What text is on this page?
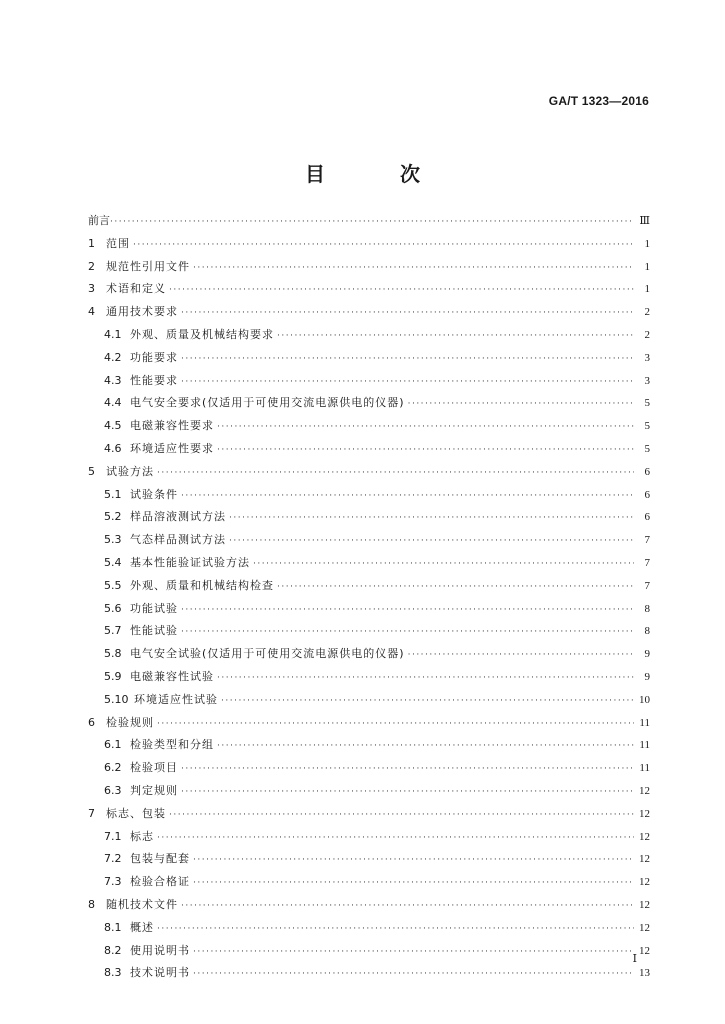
GA/T 1323—2016
目 次
前言 ·····	Ⅲ
1	范围 ·····	1
2	规范性引用文件 ·····	1
3	术语和定义 ·····	1
4	通用技术要求 ·····	2
4.1 外观、质量及机械结构要求 ·····	2
4.2 功能要求 ·····	3
4.3 性能要求 ·····	3
4.4 电气安全要求(仅适用于可使用交流电源供电的仪器) ·····	5
4.5 电磁兼容性要求 ·····	5
4.6 环境适应性要求 ·····	5
5	试验方法 ·····	6
5.1 试验条件 ·····	6
5.2 样品溶液测试方法 ·····	6
5.3 气态样品测试方法 ·····	7
5.4 基本性能验证试验方法 ·····	7
5.5 外观、质量和机械结构检查 ·····	7
5.6 功能试验 ·····	8
5.7 性能试验 ·····	8
5.8 电气安全试验(仅适用于可使用交流电源供电的仪器) ·····	9
5.9 电磁兼容性试验 ·····	9
5.10 环境适应性试验 ·····	10
6	检验规则 ·····	11
6.1 检验类型和分组 ·····	11
6.2 检验项目 ·····	11
6.3 判定规则 ·····	12
7	标志、包装 ·····	12
7.1 标志 ·····	12
7.2 包装与配套 ·····	12
7.3 检验合格证 ·····	12
8	随机技术文件 ·····	12
8.1 概述 ·····	12
8.2 使用说明书 ·····	12
8.3 技术说明书 ·····	13
Ⅰ
